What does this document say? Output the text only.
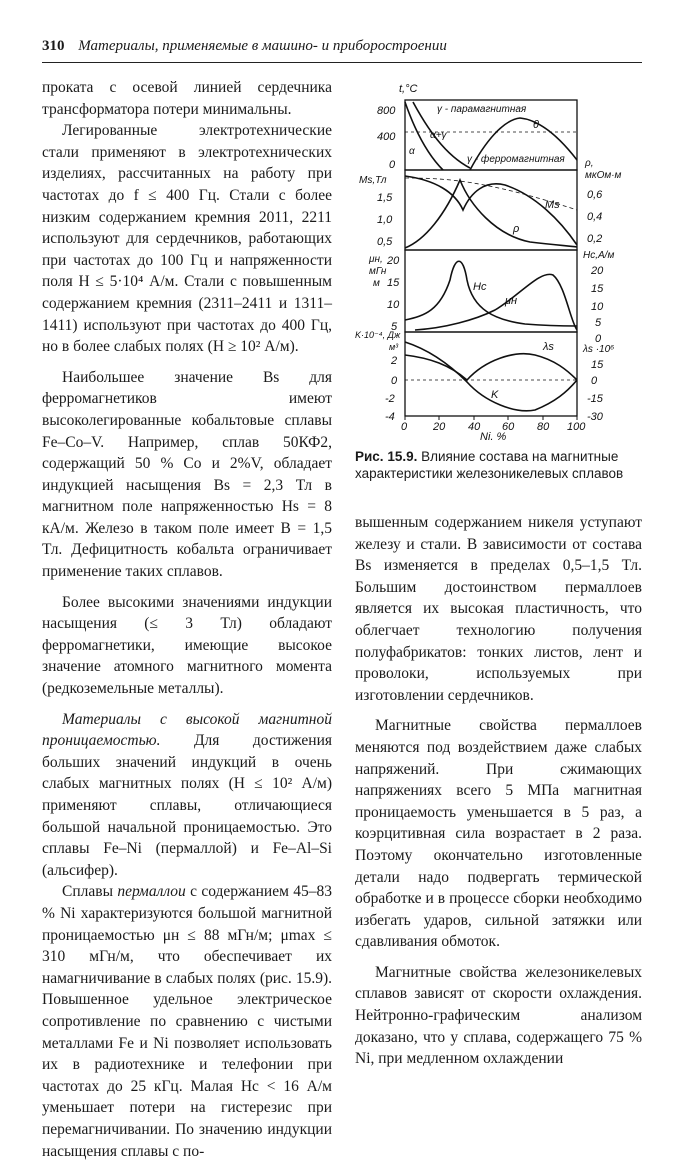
310 Материалы, применяемые в машино- и приборостроении

проката с осевой линией сердечника трансформатора потери минимальны.

Легированные электротехнические стали применяют в электротехнических изделиях, рассчитанных на работу при частотах до f ≤ 400 Гц. Стали с более низким содержанием кремния 2011, 2211 используют для сердечников, работающих при частотах до 100 Гц и напряженности поля H ≤ 5·10⁴ А/м. Стали с повышенным содержанием кремния (2311–2411 и 1311–1411) используют при частотах до 400 Гц, но в более слабых полях (H ≥ 10² А/м).

Наибольшее значение Bs для ферромагнетиков имеют высоколегированные кобальтовые сплавы Fe–Co–V. Например, сплав 50КФ2, содержащий 50 % Co и 2%V, обладает индукцией насыщения Bs = 2,3 Тл в магнитном поле напряженностью Hs = 8 кА/м. Железо в таком поле имеет B = 1,5 Тл. Дефицитность кобальта ограничивает применение таких сплавов.

Более высокими значениями индукции насыщения (≤ 3 Тл) обладают ферромагнетики, имеющие высокое значение атомного магнитного момента (редкоземельные металлы).

Материалы с высокой магнитной проницаемостью. Для достижения больших значений индукций в очень слабых магнитных полях (H ≤ 10² А/м) применяют сплавы, отличающиеся большой начальной проницаемостью. Это сплавы Fe–Ni (пермаллой) и Fe–Al–Si (альсифер).

Сплавы пермаллои с содержанием 45–83 % Ni характеризуются большой магнитной проницаемостью μн ≤ 88 мГн/м; μmax ≤ 310 мГн/м, что обеспечивает их намагничивание в слабых полях (рис. 15.9). Повышенное удельное электрическое сопротивление по сравнению с чистыми металлами Fe и Ni позволяет использовать их в радиотехнике и телефонии при частотах до 25 кГц. Малая Hc < 16 А/м уменьшает потери на гистерезис при перемагничивании. По значению индукции насыщения сплавы с по-

t,°C
800
400
0
γ - парамагнитная
α+γ
θ
α
γ - ферромагнитная
Ms,Тл
1,5
1,0
0,5
ρ,
мкОм·м
0,6
0,4
0,2
Ms
ρ
μн,
мГн
м
20
15
10
5
Hc,А/м
20
15
10
5
0
Hc
μн
K·10⁻⁴, Дж
м³
2
0
-2
-4
λs ·10⁶
15
0
-15
-30
λs
K
0 20 40 60 80 100
Ni, %
Рис. 15.9. Влияние состава на магнитные характеристики железоникелевых сплавов

вышенным содержанием никеля уступают железу и стали. В зависимости от состава Bs изменяется в пределах 0,5–1,5 Тл. Большим достоинством пермаллоев является их высокая пластичность, что облегчает технологию получения полуфабрикатов: тонких листов, лент и проволоки, используемых при изготовлении сердечников.

Магнитные свойства пермаллоев меняются под воздействием даже слабых напряжений. При сжимающих напряжениях всего 5 МПа магнитная проницаемость уменьшается в 5 раз, а коэрцитивная сила возрастает в 2 раза. Поэтому окончательно изготовленные детали надо подвергать термической обработке и в процессе сборки необходимо избегать ударов, сильной затяжки или сдавливания обмоток.

Магнитные свойства железоникелевых сплавов зависят от скорости охлаждения. Нейтронно-графическим анализом доказано, что у сплава, содержащего 75 % Ni, при медленном охлаждении
